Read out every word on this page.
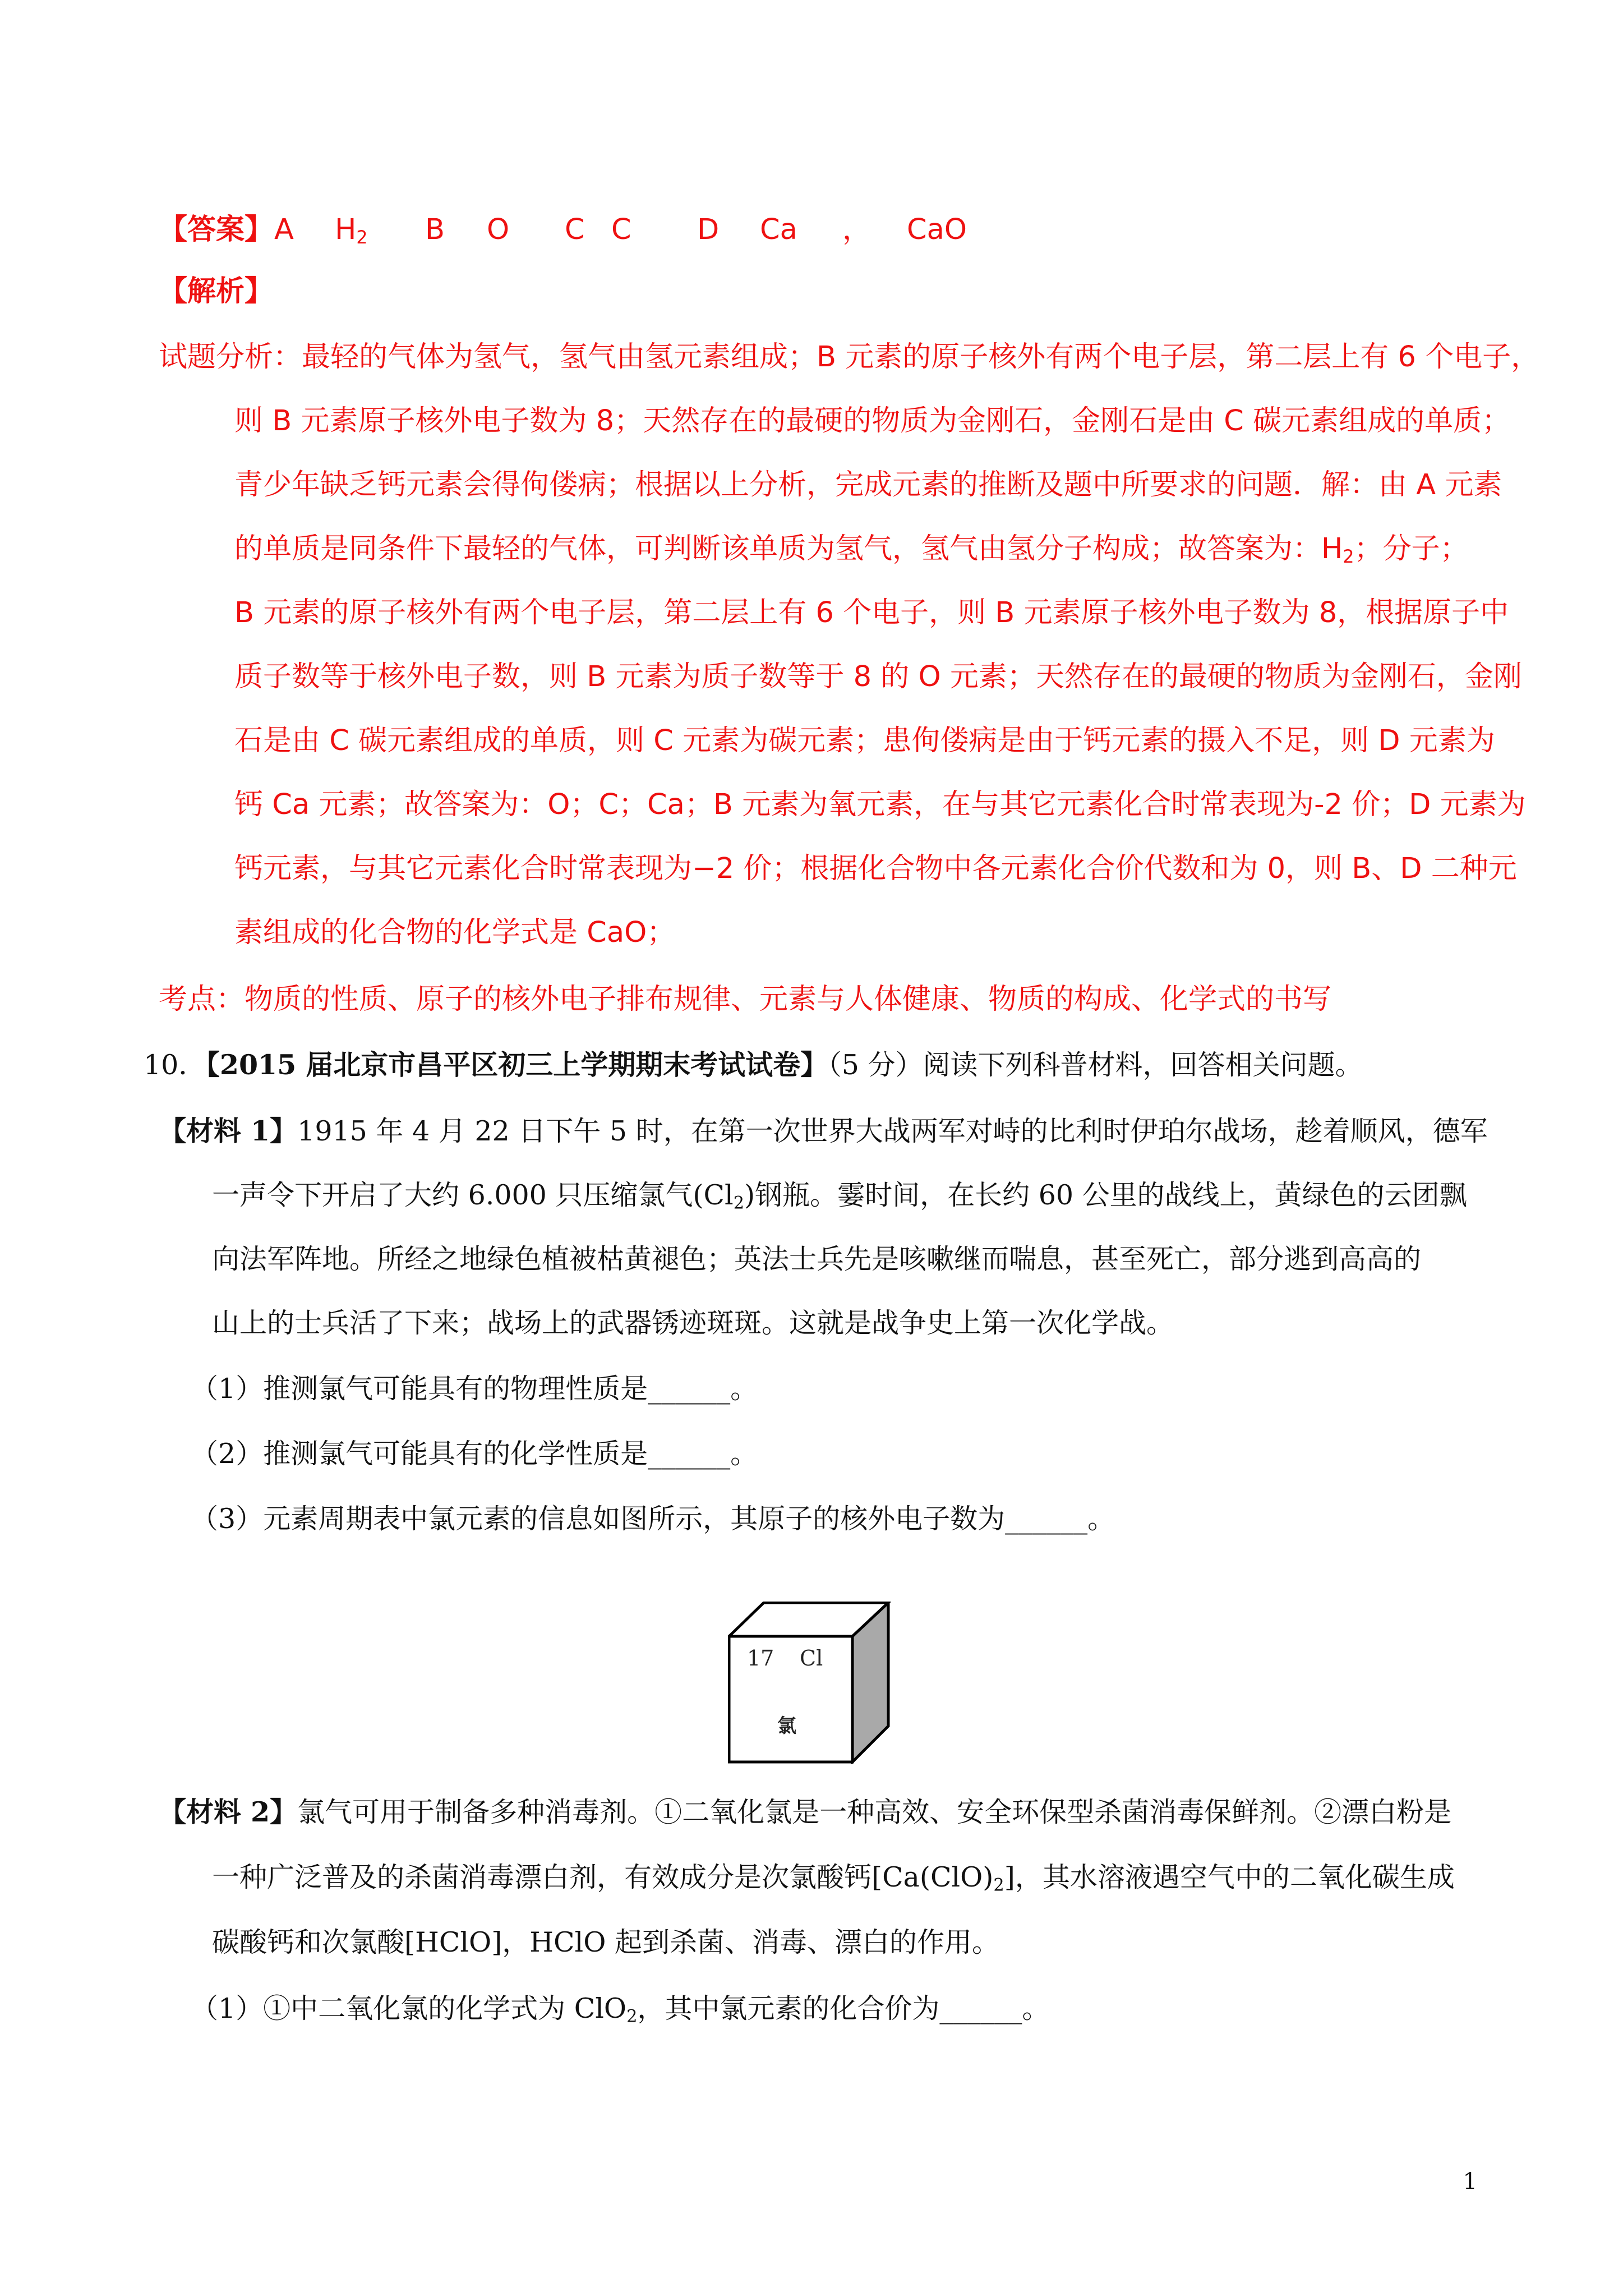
【答案】 A $H_2$ B O C C D Ca ， CaO
【解析】
试题分析：最轻的气体为氢气，氢气由氢元素组成；B 元素的原子核外有两个电子层，第二层上有 6 个电子，
则 B 元素原子核外电子数为 8；天然存在的最硬的物质为金刚石，金刚石是由 C 碳元素组成的单质；
青少年缺乏钙元素会得佝偻病；根据以上分析，完成元素的推断及题中所要求的问题．解：由 A 元素
的单质是同条件下最轻的气体，可判断该单质为氢气，氢气由氢分子构成；故答案为：$H_2$；分子；
B 元素的原子核外有两个电子层，第二层上有 6 个电子，则 B 元素原子核外电子数为 8，根据原子中
质子数等于核外电子数，则 B 元素为质子数等于 8 的 O 元素；天然存在的最硬的物质为金刚石，金刚
石是由 C 碳元素组成的单质，则 C 元素为碳元素；患佝偻病是由于钙元素的摄入不足，则 D 元素为
钙 Ca 元素；故答案为：O；C；Ca；B 元素为氧元素，在与其它元素化合时常表现为-2 价；D 元素为
钙元素，与其它元素化合时常表现为−2 价；根据化合物中各元素化合价代数和为 0，则 B、D 二种元
素组成的化合物的化学式是 CaO；
考点：物质的性质、原子的核外电子排布规律、元素与人体健康、物质的构成、化学式的书写
10．【2015 届北京市昌平区初三上学期期末考试试卷】（5 分）阅读下列科普材料，回答相关问题。
【材料 1】1915 年 4 月 22 日下午 5 时，在第一次世界大战两军对峙的比利时伊珀尔战场，趁着顺风，德军
一声令下开启了大约 6.000 只压缩氯气$(Cl_2)$钢瓶。霎时间，在长约 60 公里的战线上，黄绿色的云团飘
向法军阵地。所经之地绿色植被枯黄褪色；英法士兵先是咳嗽继而喘息，甚至死亡，部分逃到高高的
山上的士兵活了下来；战场上的武器锈迹斑斑。这就是战争史上第一次化学战。
（1）推测氯气可能具有的物理性质是______。
（2）推测氯气可能具有的化学性质是______。
（3）元素周期表中氯元素的信息如图所示，其原子的核外电子数为______。
17 Cl
氯
【材料 2】氯气可用于制备多种消毒剂。①二氧化氯是一种高效、安全环保型杀菌消毒保鲜剂。②漂白粉是
一种广泛普及的杀菌消毒漂白剂，有效成分是次氯酸钙$[Ca(ClO)_2]$，其水溶液遇空气中的二氧化碳生成
碳酸钙和次氯酸[HClO]，HClO 起到杀菌、消毒、漂白的作用。
（1）①中二氧化氯的化学式为 ClO$_2$，其中氯元素的化合价为______。
1
